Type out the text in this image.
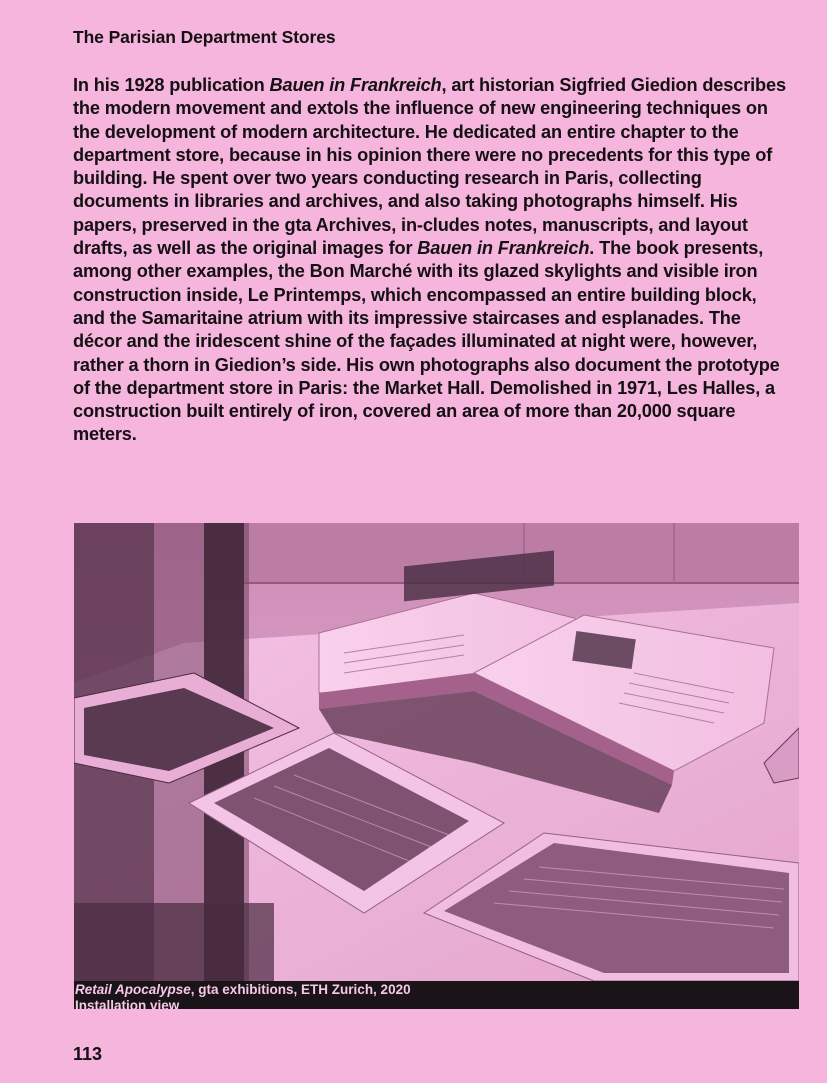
The Parisian Department Stores
In his 1928 publication Bauen in Frankreich, art historian Sigfried Giedion describes the modern movement and extols the influence of new engineering techniques on the development of modern architecture. He dedicated an entire chapter to the department store, because in his opinion there were no precedents for this type of building. He spent over two years conducting research in Paris, collecting documents in libraries and archives, and also taking photographs himself. His papers, preserved in the gta Archives, in-cludes notes, manuscripts, and layout drafts, as well as the original images for Bauen in Frankreich. The book presents, among other examples, the Bon Marché with its glazed skylights and visible iron construction inside, Le Printemps, which encompassed an entire building block, and the Samaritaine atrium with its impressive staircases and esplanades. The décor and the iridescent shine of the façades illuminated at night were, however, rather a thorn in Giedion’s side. His own photographs also document the prototype of the department store in Paris: the Market Hall. Demolished in 1971, Les Halles, a construction built entirely of iron, covered an area of more than 20,000 square meters.
Retail Apocalypse, gta exhibitions, ETH Zurich, 2020
Installation view
113
